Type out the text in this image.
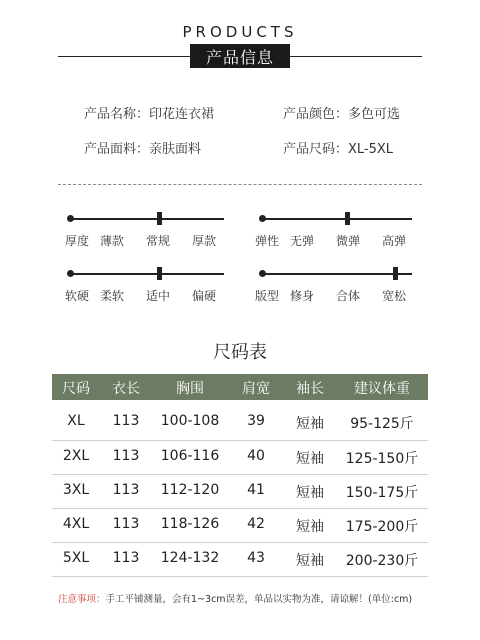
PRODUCTS
产品信息
产品名称：印花连衣裙	产品颜色：多色可选
产品面料：亲肤面料	产品尺码：XL-5XL
厚度 薄款 常规 厚款	弹性 无弹 微弹 高弹
软硬 柔软 适中 偏硬	版型 修身 合体 宽松
尺码表
尺码	衣长	胸围	肩宽	袖长	建议体重
XL	113	100-108	39	短袖	95-125斤
2XL	113	106-116	40	短袖	125-150斤
3XL	113	112-120	41	短袖	150-175斤
4XL	113	118-126	42	短袖	175-200斤
5XL	113	124-132	43	短袖	200-230斤
注意事项：手工平铺测量，会有1~3cm误差，单品以实物为准，请谅解！(单位:cm)
